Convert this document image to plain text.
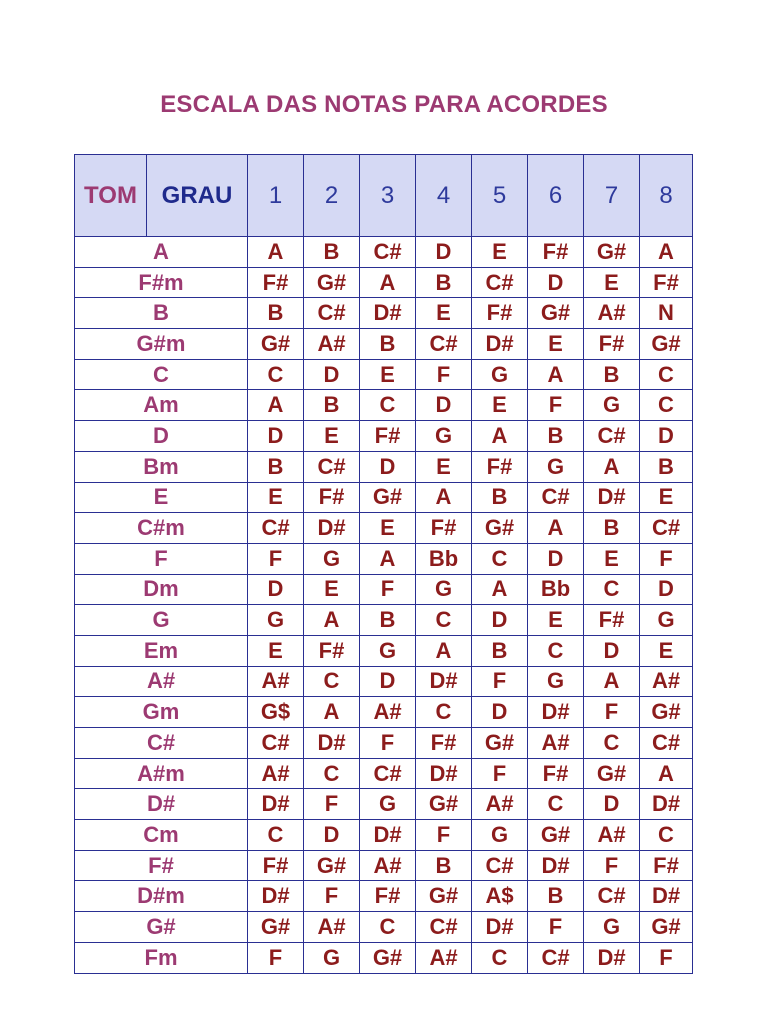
ESCALA DAS NOTAS PARA ACORDES
TOM	GRAU	1	2	3	4	5	6	7	8
A		A	B	C#	D	E	F#	G#	A
F#m		F#	G#	A	B	C#	D	E	F#
B		B	C#	D#	E	F#	G#	A#	N
G#m		G#	A#	B	C#	D#	E	F#	G#
C		C	D	E	F	G	A	B	C
Am		A	B	C	D	E	F	G	C
D		D	E	F#	G	A	B	C#	D
Bm		B	C#	D	E	F#	G	A	B
E		E	F#	G#	A	B	C#	D#	E
C#m		C#	D#	E	F#	G#	A	B	C#
F		F	G	A	Bb	C	D	E	F
Dm		D	E	F	G	A	Bb	C	D
G		G	A	B	C	D	E	F#	G
Em		E	F#	G	A	B	C	D	E
A#		A#	C	D	D#	F	G	A	A#
Gm		G$	A	A#	C	D	D#	F	G#
C#		C#	D#	F	F#	G#	A#	C	C#
A#m		A#	C	C#	D#	F	F#	G#	A
D#		D#	F	G	G#	A#	C	D	D#
Cm		C	D	D#	F	G	G#	A#	C
F#		F#	G#	A#	B	C#	D#	F	F#
D#m		D#	F	F#	G#	A$	B	C#	D#
G#		G#	A#	C	C#	D#	F	G	G#
Fm		F	G	G#	A#	C	C#	D#	F
